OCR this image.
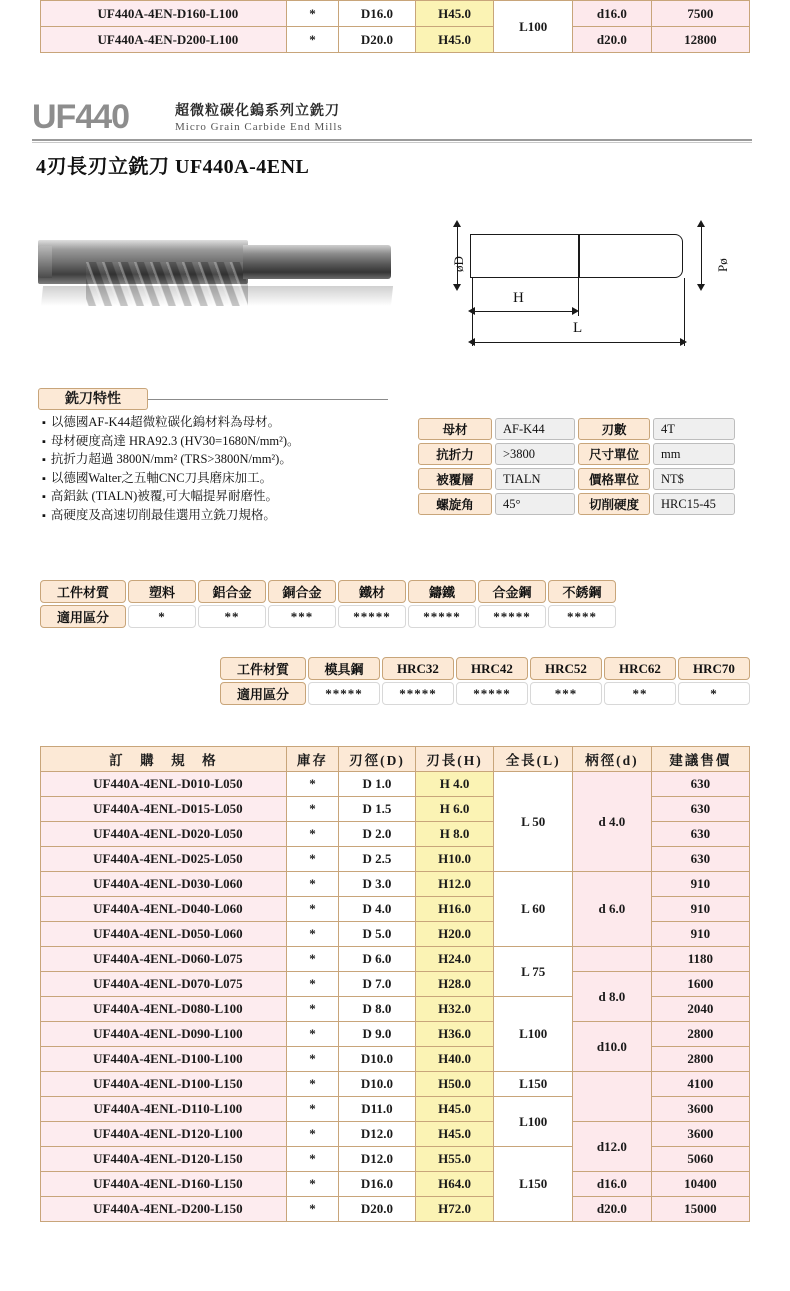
UF440A-4EN-D160-L100	*	D16.0	H45.0	L100	d16.0	7500
UF440A-4EN-D200-L100	*	D20.0	H45.0		d20.0	12800
UF440	超微粒碳化鎢系列立銑刀
Micro Grain Carbide End Mills
4刃長刃立銑刀 UF440A-4ENL
øD	Pø
H
L
銑刀特性
▪ 以德國AF-K44超微粒碳化鎢材料為母材。
▪ 母材硬度高達 HRA92.3 (HV30=1680N/mm²)。
▪ 抗折力超過 3800N/mm² (TRS>3800N/mm²)。
▪ 以德國Walter之五軸CNC刀具磨床加工。
▪ 高鋁鈦 (TIALN)被覆,可大幅提昇耐磨性。
▪ 高硬度及高速切削最佳選用立銑刀規格。
母材	AF-K44	刃數	4T
抗折力	>3800	尺寸單位	mm
被覆層	TIALN	價格單位	NT$
螺旋角	45°	切削硬度	HRC15-45
工件材質	塑料	鋁合金	銅合金	鐵材	鑄鐵	合金鋼	不銹鋼
適用區分	*	**	***	*****	*****	*****	****
工件材質	模具鋼	HRC32	HRC42	HRC52	HRC62	HRC70
適用區分	*****	*****	*****	***	**	*
訂　購　規　格	庫存	刃徑(D)	刃長(H)	全長(L)	柄徑(d)	建議售價
UF440A-4ENL-D010-L050	*	D 1.0	H 4.0	L 50	d 4.0	630
UF440A-4ENL-D015-L050	*	D 1.5	H 6.0			630
UF440A-4ENL-D020-L050	*	D 2.0	H 8.0			630
UF440A-4ENL-D025-L050	*	D 2.5	H10.0			630
UF440A-4ENL-D030-L060	*	D 3.0	H12.0	L 60	d 6.0	910
UF440A-4ENL-D040-L060	*	D 4.0	H16.0			910
UF440A-4ENL-D050-L060	*	D 5.0	H20.0			910
UF440A-4ENL-D060-L075	*	D 6.0	H24.0	L 75		1180
UF440A-4ENL-D070-L075	*	D 7.0	H28.0		d 8.0	1600
UF440A-4ENL-D080-L100	*	D 8.0	H32.0	L100		2040
UF440A-4ENL-D090-L100	*	D 9.0	H36.0		d10.0	2800
UF440A-4ENL-D100-L100	*	D10.0	H40.0			2800
UF440A-4ENL-D100-L150	*	D10.0	H50.0	L150		4100
UF440A-4ENL-D110-L100	*	D11.0	H45.0	L100		3600
UF440A-4ENL-D120-L100	*	D12.0	H45.0		d12.0	3600
UF440A-4ENL-D120-L150	*	D12.0	H55.0	L150		5060
UF440A-4ENL-D160-L150	*	D16.0	H64.0		d16.0	10400
UF440A-4ENL-D200-L150	*	D20.0	H72.0		d20.0	15000
